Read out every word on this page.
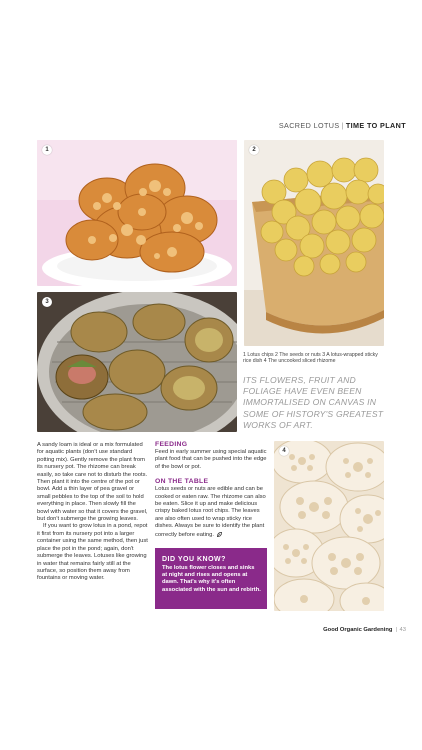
SACRED LOTUS | TIME TO PLANT
1	2
3
1 Lotus chips 2 The seeds or nuts 3 A lotus-wrapped sticky rice dish 4 The uncooked sliced rhizome
ITS FLOWERS, FRUIT AND FOLIAGE HAVE EVEN BEEN IMMORTALISED ON CANVAS IN SOME OF HISTORY'S GREATEST WORKS OF ART.
A sandy loam is ideal or a mix formulated for aquatic plants (don't use standard potting mix). Gently remove the plant from its nursery pot. The rhizome can break easily, so take care not to disturb the roots. Then plant it into the centre of the pot or bowl. Add a thin layer of pea gravel or small pebbles to the top of the soil to hold everything in place. Then slowly fill the bowl with water so that it covers the gravel, but don't submerge the growing leaves.
If you want to grow lotus in a pond, repot it first from its nursery pot into a larger container using the same method, then just place the pot in the pond; again, don't submerge the leaves. Lotuses like growing in water that remains fairly still at the surface, so position them away from fountains or moving water.
FEEDING
Feed in early summer using special aquatic plant food that can be pushed into the edge of the bowl or pot.
ON THE TABLE
Lotus seeds or nuts are edible and can be cooked or eaten raw. The rhizome can also be eaten. Slice it up and make delicious crispy baked lotus root chips. The leaves are also often used to wrap sticky rice dishes. Always be sure to identify the plant correctly before eating.
DID YOU KNOW?
The lotus flower closes and sinks at night and rises and opens at dawn. That's why it's often associated with the sun and rebirth.
4
Good Organic Gardening | 43
